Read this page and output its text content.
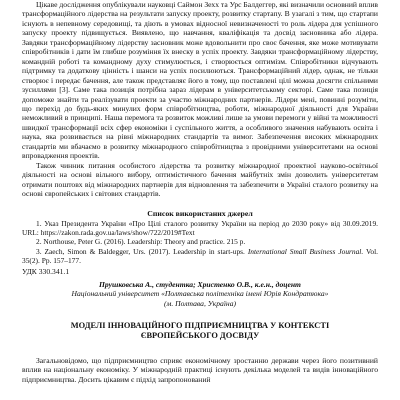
Цікаве дослідження опублікували науковці Саймон Зехх та Урс Балдеггер, які визначили основний вплив трансформаційного лідерства на результати запуску проекту, розвитку стартапу. В узагалі з тим, що стартапи існують в непевному середовищі, та діють в умовах відносної невизначеності то роль лідера для успішного запуску проекту підвищується. Виявлено, що навчання, кваліфікація та досвід засновника або лідера. Завдяки трансформаційному лідерству засновник може вдовольнити про своє бачення, яке може мотивувати співробітників і дати їм глибше розуміння їх внеску в успіх проекту. Завдяки трансформаційному лідерству, командній роботі та командному духу стимулюється, і створюється оптимізм. Співробітники відчувають підтримку та додаткову цінність і шанси на успіх посилюються. Трансформаційний лідер, однак, не тільки створює і передає бачення, але також представляє його в тому, що поставлені цілі можна досягти спільними зусиллями [3]. Саме така позиція потрібна зараз лідерам в університетському секторі. Саме така позиція допоможе знайти та реалізувати проекти за участю міжнародних партнерів. Лідери мені, повинні розуміти, що перехід до будь-яких минулих форм співробітництва, роботи, міжнародної діяльності для України неможливий в принципі. Наша перемога та розвиток можливі лише за умови перемоги у війні та можливості швидкої трансформації всіх сфер економіки і суспільного життя, а особливого значення набувають освіта і наука, яка розвивається на рівні міжнародних стандартів та вимог. Забезпечення високих міжнародних стандартів ми вбачаємо в розвитку міжнародного співробітництва з провідними університетами на основі впровадження проектів.

Також чинник питання особистого лідерства та розвитку міжнародної проектної науково-освітньої діяльності на основі вільного вибору, оптимістичного бачення майбутніх змін дозволить університетам отримати поштовх від міжнародних партнерів для відновлення та забезпечити в Україні сталого розвитку на основі європейських і світових стандартів.

Список використаних джерел

1. Указ Президента України «Про Цілі сталого розвитку України на період до 2030 року» від 30.09.2019. URL: https://zakon.rada.gov.ua/laws/show/722/2019#Text

2. Northouse, Peter G. (2016). Leadership: Theory and practice. 215 p.

3. Zaech, Simon & Baldegger, Urs. (2017). Leadership in start-ups. International Small Business Journal. Vol. 35(2). Pp. 157–177.

УДК 330.341.1
Прушковська А., студентка; Христенко О.В., к.е.н., доцент
Національний університет «Полтавська політехніка імені Юрія Кондратюка»
(м. Полтава, Україна)
МОДЕЛІ ІННОВАЦІЙНОГО ПІДПРИЄМНИЦТВА У КОНТЕКСТІ
ЄВРОПЕЙСЬКОГО ДОСВІДУ

Загальновідомо, що підприємництво сприяє економічному зростанню держави через його позитивний вплив на національну економіку. У міжнародній практиці існують декілька моделей та видів інноваційного підприємництва. Досить цікавим є підхід запропонований
